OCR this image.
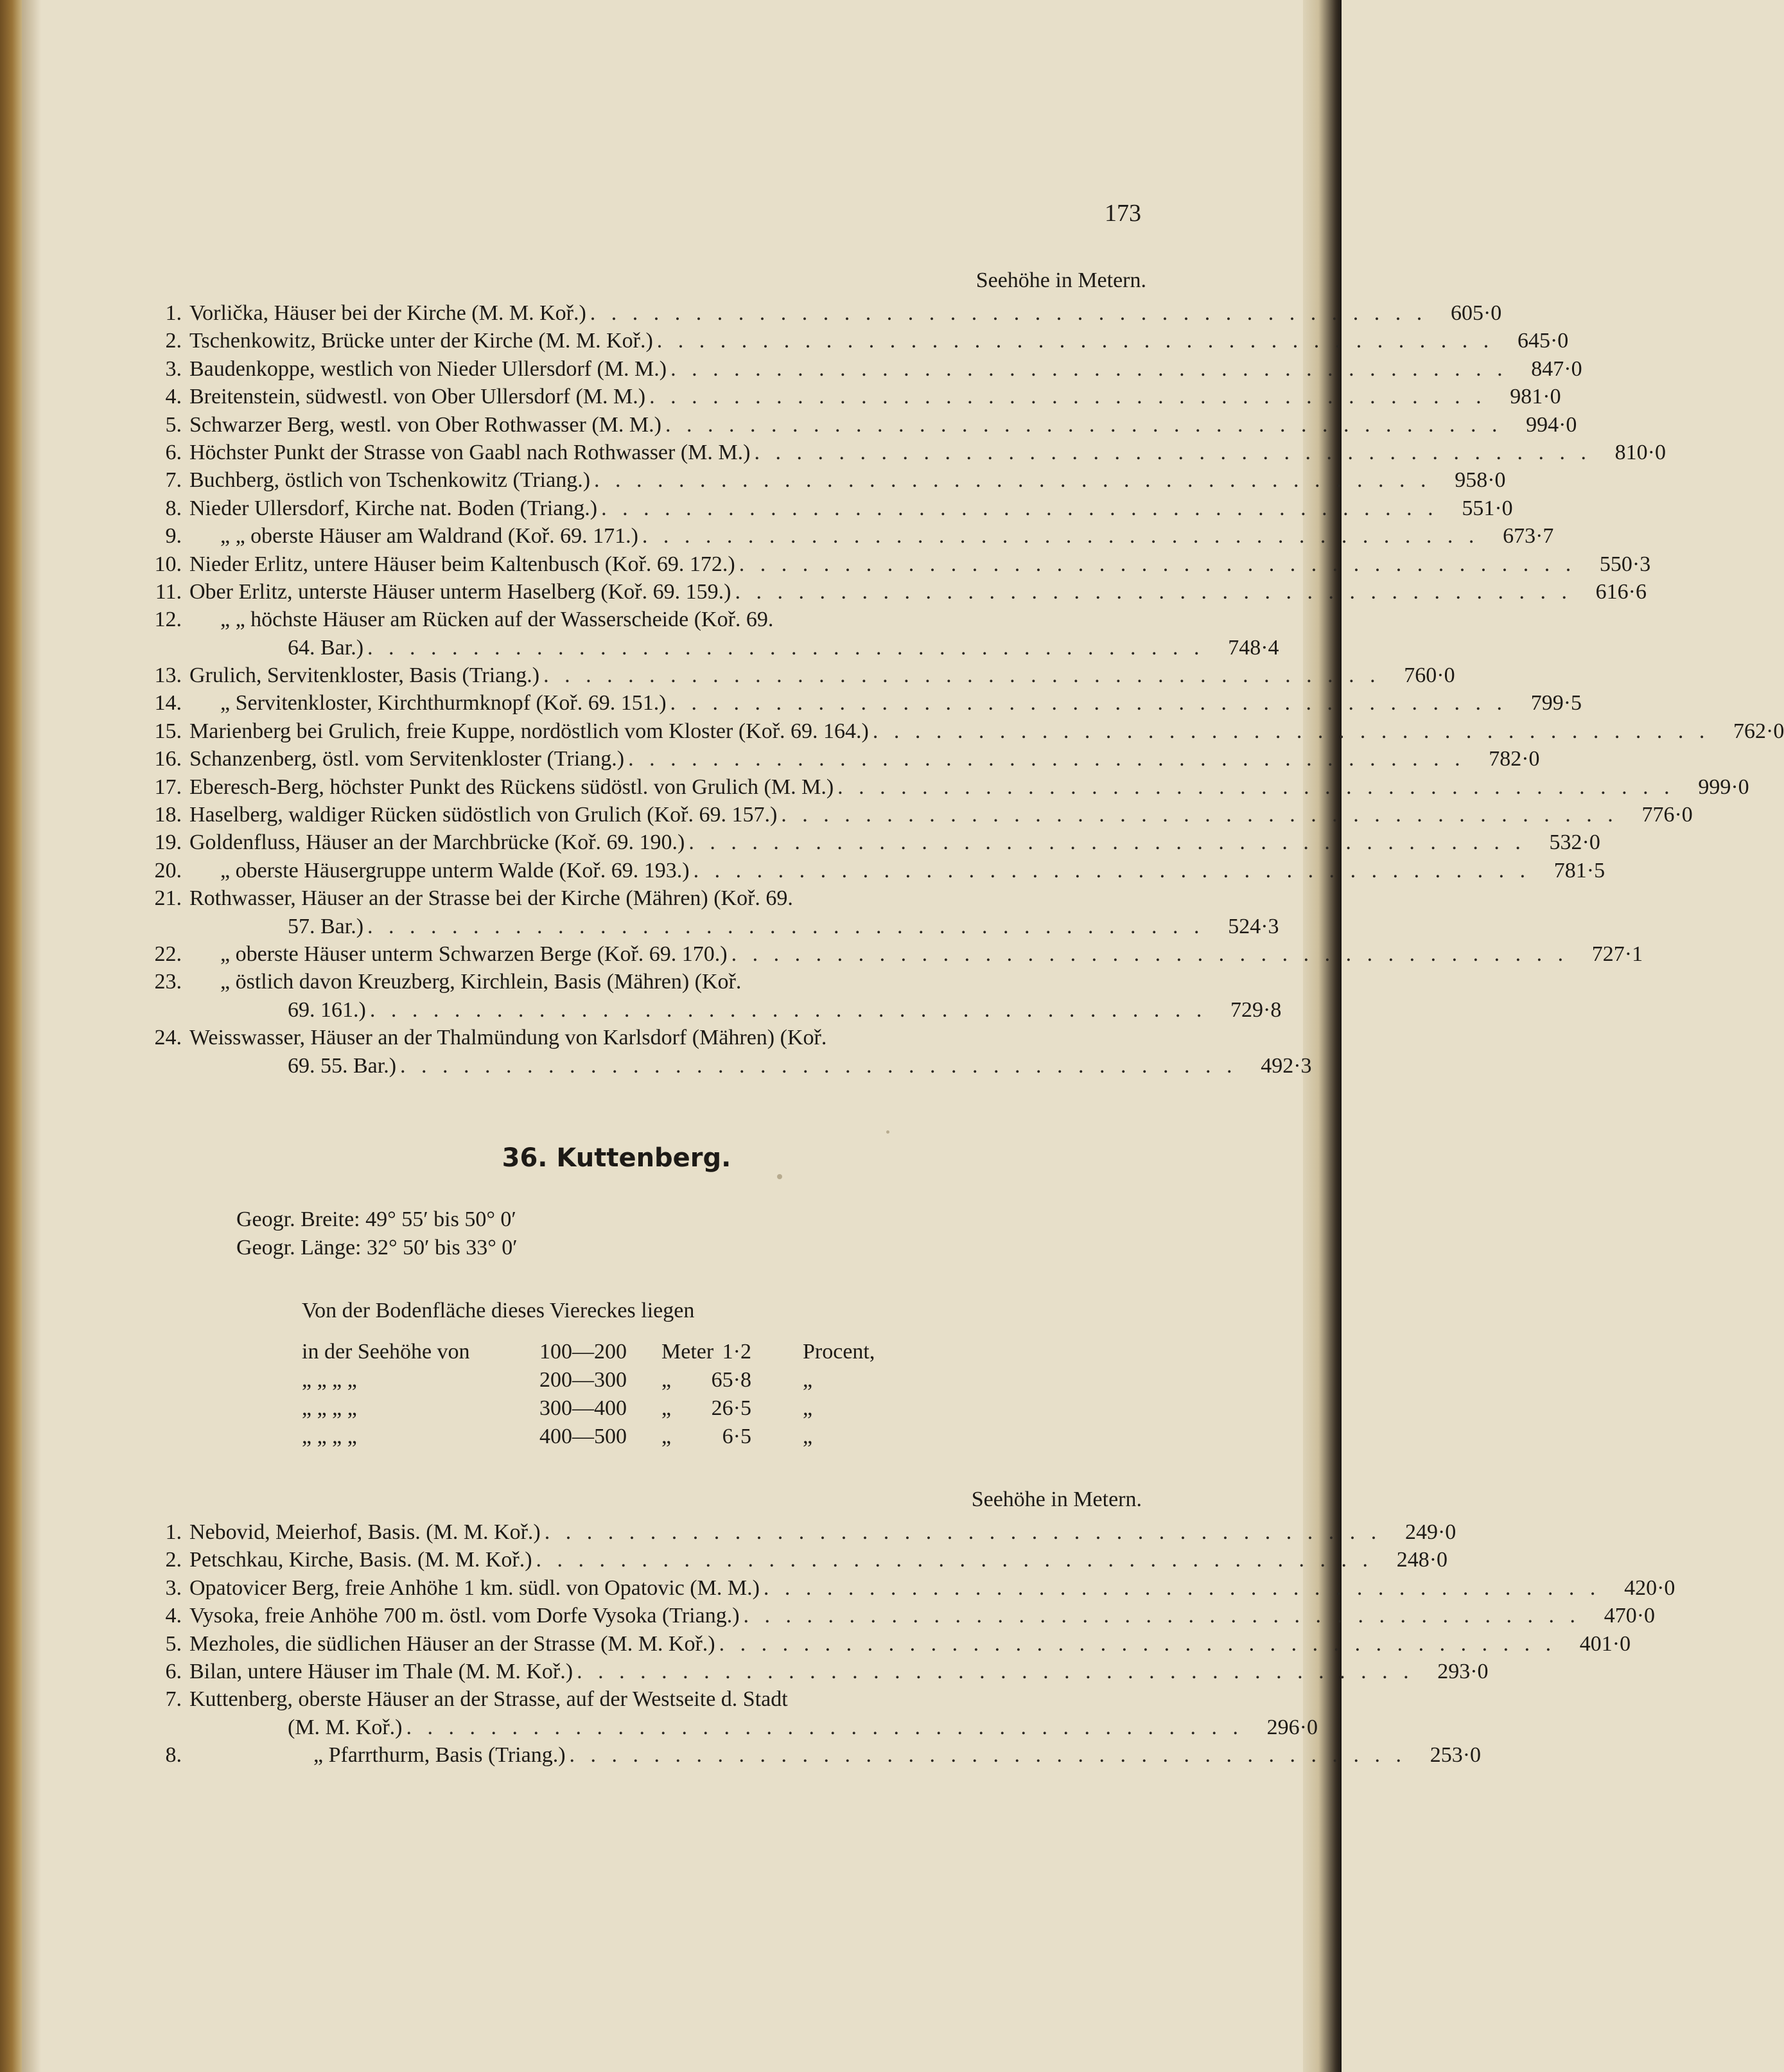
173
Seehöhe in Metern.
1. Vorlička, Häuser bei der Kirche (M. M. Koř.) . . . . . . . . . . . . . . . . . . . . . . . . . . . . . . . . . . . . . . . .	605·0
2. Tschenkowitz, Brücke unter der Kirche (M. M. Koř.) . . . . . . . . . . . . . . . . . . . . . . . . . . . . . . . . . . . . . . . .	645·0
3. Baudenkoppe, westlich von Nieder Ullersdorf (M. M.) . . . . . . . . . . . . . . . . . . . . . . . . . . . . . . . . . . . . . . . .	847·0
4. Breitenstein, südwestl. von Ober Ullersdorf (M. M.) . . . . . . . . . . . . . . . . . . . . . . . . . . . . . . . . . . . . . . . .	981·0
5. Schwarzer Berg, westl. von Ober Rothwasser (M. M.) . . . . . . . . . . . . . . . . . . . . . . . . . . . . . . . . . . . . . . . .	994·0
6. Höchster Punkt der Strasse von Gaabl nach Rothwasser (M. M.) . . . . . . . . . . . . . . . . . . . . . . . . . . . . . . . . . . . . . . . .	810·0
7. Buchberg, östlich von Tschenkowitz (Triang.) . . . . . . . . . . . . . . . . . . . . . . . . . . . . . . . . . . . . . . . .	958·0
8. Nieder Ullersdorf, Kirche nat. Boden (Triang.) . . . . . . . . . . . . . . . . . . . . . . . . . . . . . . . . . . . . . . . .	551·0
9.	„ „ oberste Häuser am Waldrand (Koř. 69. 171.) . . . . . . . . . . . . . . . . . . . . . . . . . . . . . . . . . . . . . . . .	673·7
10. Nieder Erlitz, untere Häuser beim Kaltenbusch (Koř. 69. 172.) . . . . . . . . . . . . . . . . . . . . . . . . . . . . . . . . . . . . . . . .	550·3
11. Ober Erlitz, unterste Häuser unterm Haselberg (Koř. 69. 159.) . . . . . . . . . . . . . . . . . . . . . . . . . . . . . . . . . . . . . . . .	616·6
12.	„ „ höchste Häuser am Rücken auf der Wasserscheide (Koř. 69.
64. Bar.) . . . . . . . . . . . . . . . . . . . . . . . . . . . . . . . . . . . . . . . .	748·4
13. Grulich, Servitenkloster, Basis (Triang.) . . . . . . . . . . . . . . . . . . . . . . . . . . . . . . . . . . . . . . . .	760·0
14.	„ Servitenkloster, Kirchthurmknopf (Koř. 69. 151.) . . . . . . . . . . . . . . . . . . . . . . . . . . . . . . . . . . . . . . . .	799·5
15. Marienberg bei Grulich, freie Kuppe, nordöstlich vom Kloster (Koř. 69. 164.) . . . . . . . . . . . . . . . . . . . . . . . . . . . . . . . . . . . . . . . .	762·0
16. Schanzenberg, östl. vom Servitenkloster (Triang.) . . . . . . . . . . . . . . . . . . . . . . . . . . . . . . . . . . . . . . . .	782·0
17. Eberesch-Berg, höchster Punkt des Rückens südöstl. von Grulich (M. M.) . . . . . . . . . . . . . . . . . . . . . . . . . . . . . . . . . . . . . . . .	999·0
18. Haselberg, waldiger Rücken südöstlich von Grulich (Koř. 69. 157.) . . . . . . . . . . . . . . . . . . . . . . . . . . . . . . . . . . . . . . . .	776·0
19. Goldenfluss, Häuser an der Marchbrücke (Koř. 69. 190.) . . . . . . . . . . . . . . . . . . . . . . . . . . . . . . . . . . . . . . . .	532·0
20.	„ oberste Häusergruppe unterm Walde (Koř. 69. 193.) . . . . . . . . . . . . . . . . . . . . . . . . . . . . . . . . . . . . . . . .	781·5
21. Rothwasser, Häuser an der Strasse bei der Kirche (Mähren) (Koř. 69.
57. Bar.) . . . . . . . . . . . . . . . . . . . . . . . . . . . . . . . . . . . . . . . .	524·3
22.	„ oberste Häuser unterm Schwarzen Berge (Koř. 69. 170.) . . . . . . . . . . . . . . . . . . . . . . . . . . . . . . . . . . . . . . . .	727·1
23.	„ östlich davon Kreuzberg, Kirchlein, Basis (Mähren) (Koř.
69. 161.) . . . . . . . . . . . . . . . . . . . . . . . . . . . . . . . . . . . . . . . .	729·8
24. Weisswasser, Häuser an der Thalmündung von Karlsdorf (Mähren) (Koř.
69. 55. Bar.) . . . . . . . . . . . . . . . . . . . . . . . . . . . . . . . . . . . . . . . .	492·3
36. Kuttenberg.
Geogr. Breite: 49° 55′ bis 50° 0′
Geogr. Länge: 32° 50′ bis 33° 0′
Von der Bodenfläche dieses Viereckes liegen
in der Seehöhe von	100—200 Meter 1·2 Procent,
„ „ „ „	200—300 „ 65·8 „
„ „ „ „	300—400 „ 26·5 „
„ „ „ „	400—500 „	6·5 „
Seehöhe in Metern.
1. Nebovid, Meierhof, Basis. (M. M. Koř.) . . . . . . . . . . . . . . . . . . . . . . . . . . . . . . . . . . . . . . . .	249·0
2. Petschkau, Kirche, Basis. (M. M. Koř.) . . . . . . . . . . . . . . . . . . . . . . . . . . . . . . . . . . . . . . . .	248·0
3. Opatovicer Berg, freie Anhöhe 1 km. südl. von Opatovic (M. M.) . . . . . . . . . . . . . . . . . . . . . . . . . . . . . . . . . . . . . . . .	420·0
4. Vysoka, freie Anhöhe 700 m. östl. vom Dorfe Vysoka (Triang.) . . . . . . . . . . . . . . . . . . . . . . . . . . . . . . . . . . . . . . . .	470·0
5. Mezholes, die südlichen Häuser an der Strasse (M. M. Koř.) . . . . . . . . . . . . . . . . . . . . . . . . . . . . . . . . . . . . . . . .	401·0
6. Bilan, untere Häuser im Thale (M. M. Koř.) . . . . . . . . . . . . . . . . . . . . . . . . . . . . . . . . . . . . . . . .	293·0
7. Kuttenberg, oberste Häuser an der Strasse, auf der Westseite d. Stadt
(M. M. Koř.) . . . . . . . . . . . . . . . . . . . . . . . . . . . . . . . . . . . . . . . .	296·0
8.	„ Pfarrthurm, Basis (Triang.) . . . . . . . . . . . . . . . . . . . . . . . . . . . . . . . . . . . . . . . .	253·0
